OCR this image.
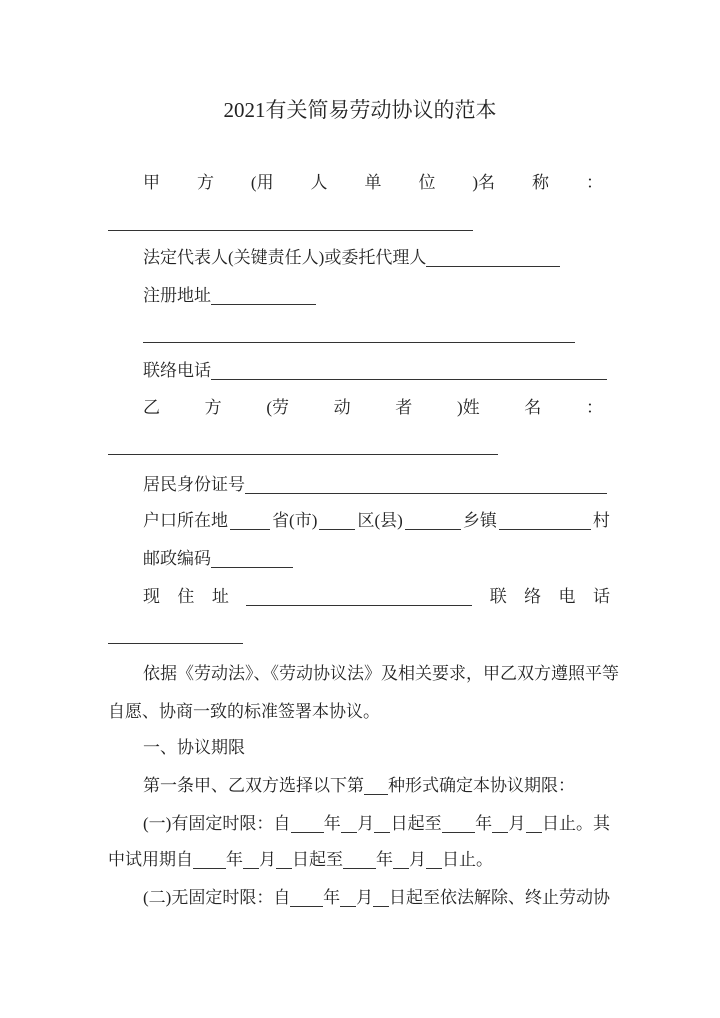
2021有关简易劳动协议的范本
甲 方 (用 人 单 位 )名 称 ：
法定代表人(关键责任人)或委托代理人
注册地址
联络电话
乙	方	(劳	动	者	)姓	名	：
居民身份证号
户口所在地	省(市) 区(县)	乡镇	村
邮政编码
现 住 址	联 络 电 话
依据《劳动法》、《劳动协议法》及相关要求，甲乙双方遵照平等
自愿、协商一致的标准签署本协议。
一、协议期限
第一条甲、乙双方选择以下第 种形式确定本协议期限：
(一)有固定时限：自 年 月 日起至 年 月 日止。其
中试用期自 年 月 日起至 年 月 日止。
(二)无固定时限：自 年 月 日起至依法解除、终止劳动协
